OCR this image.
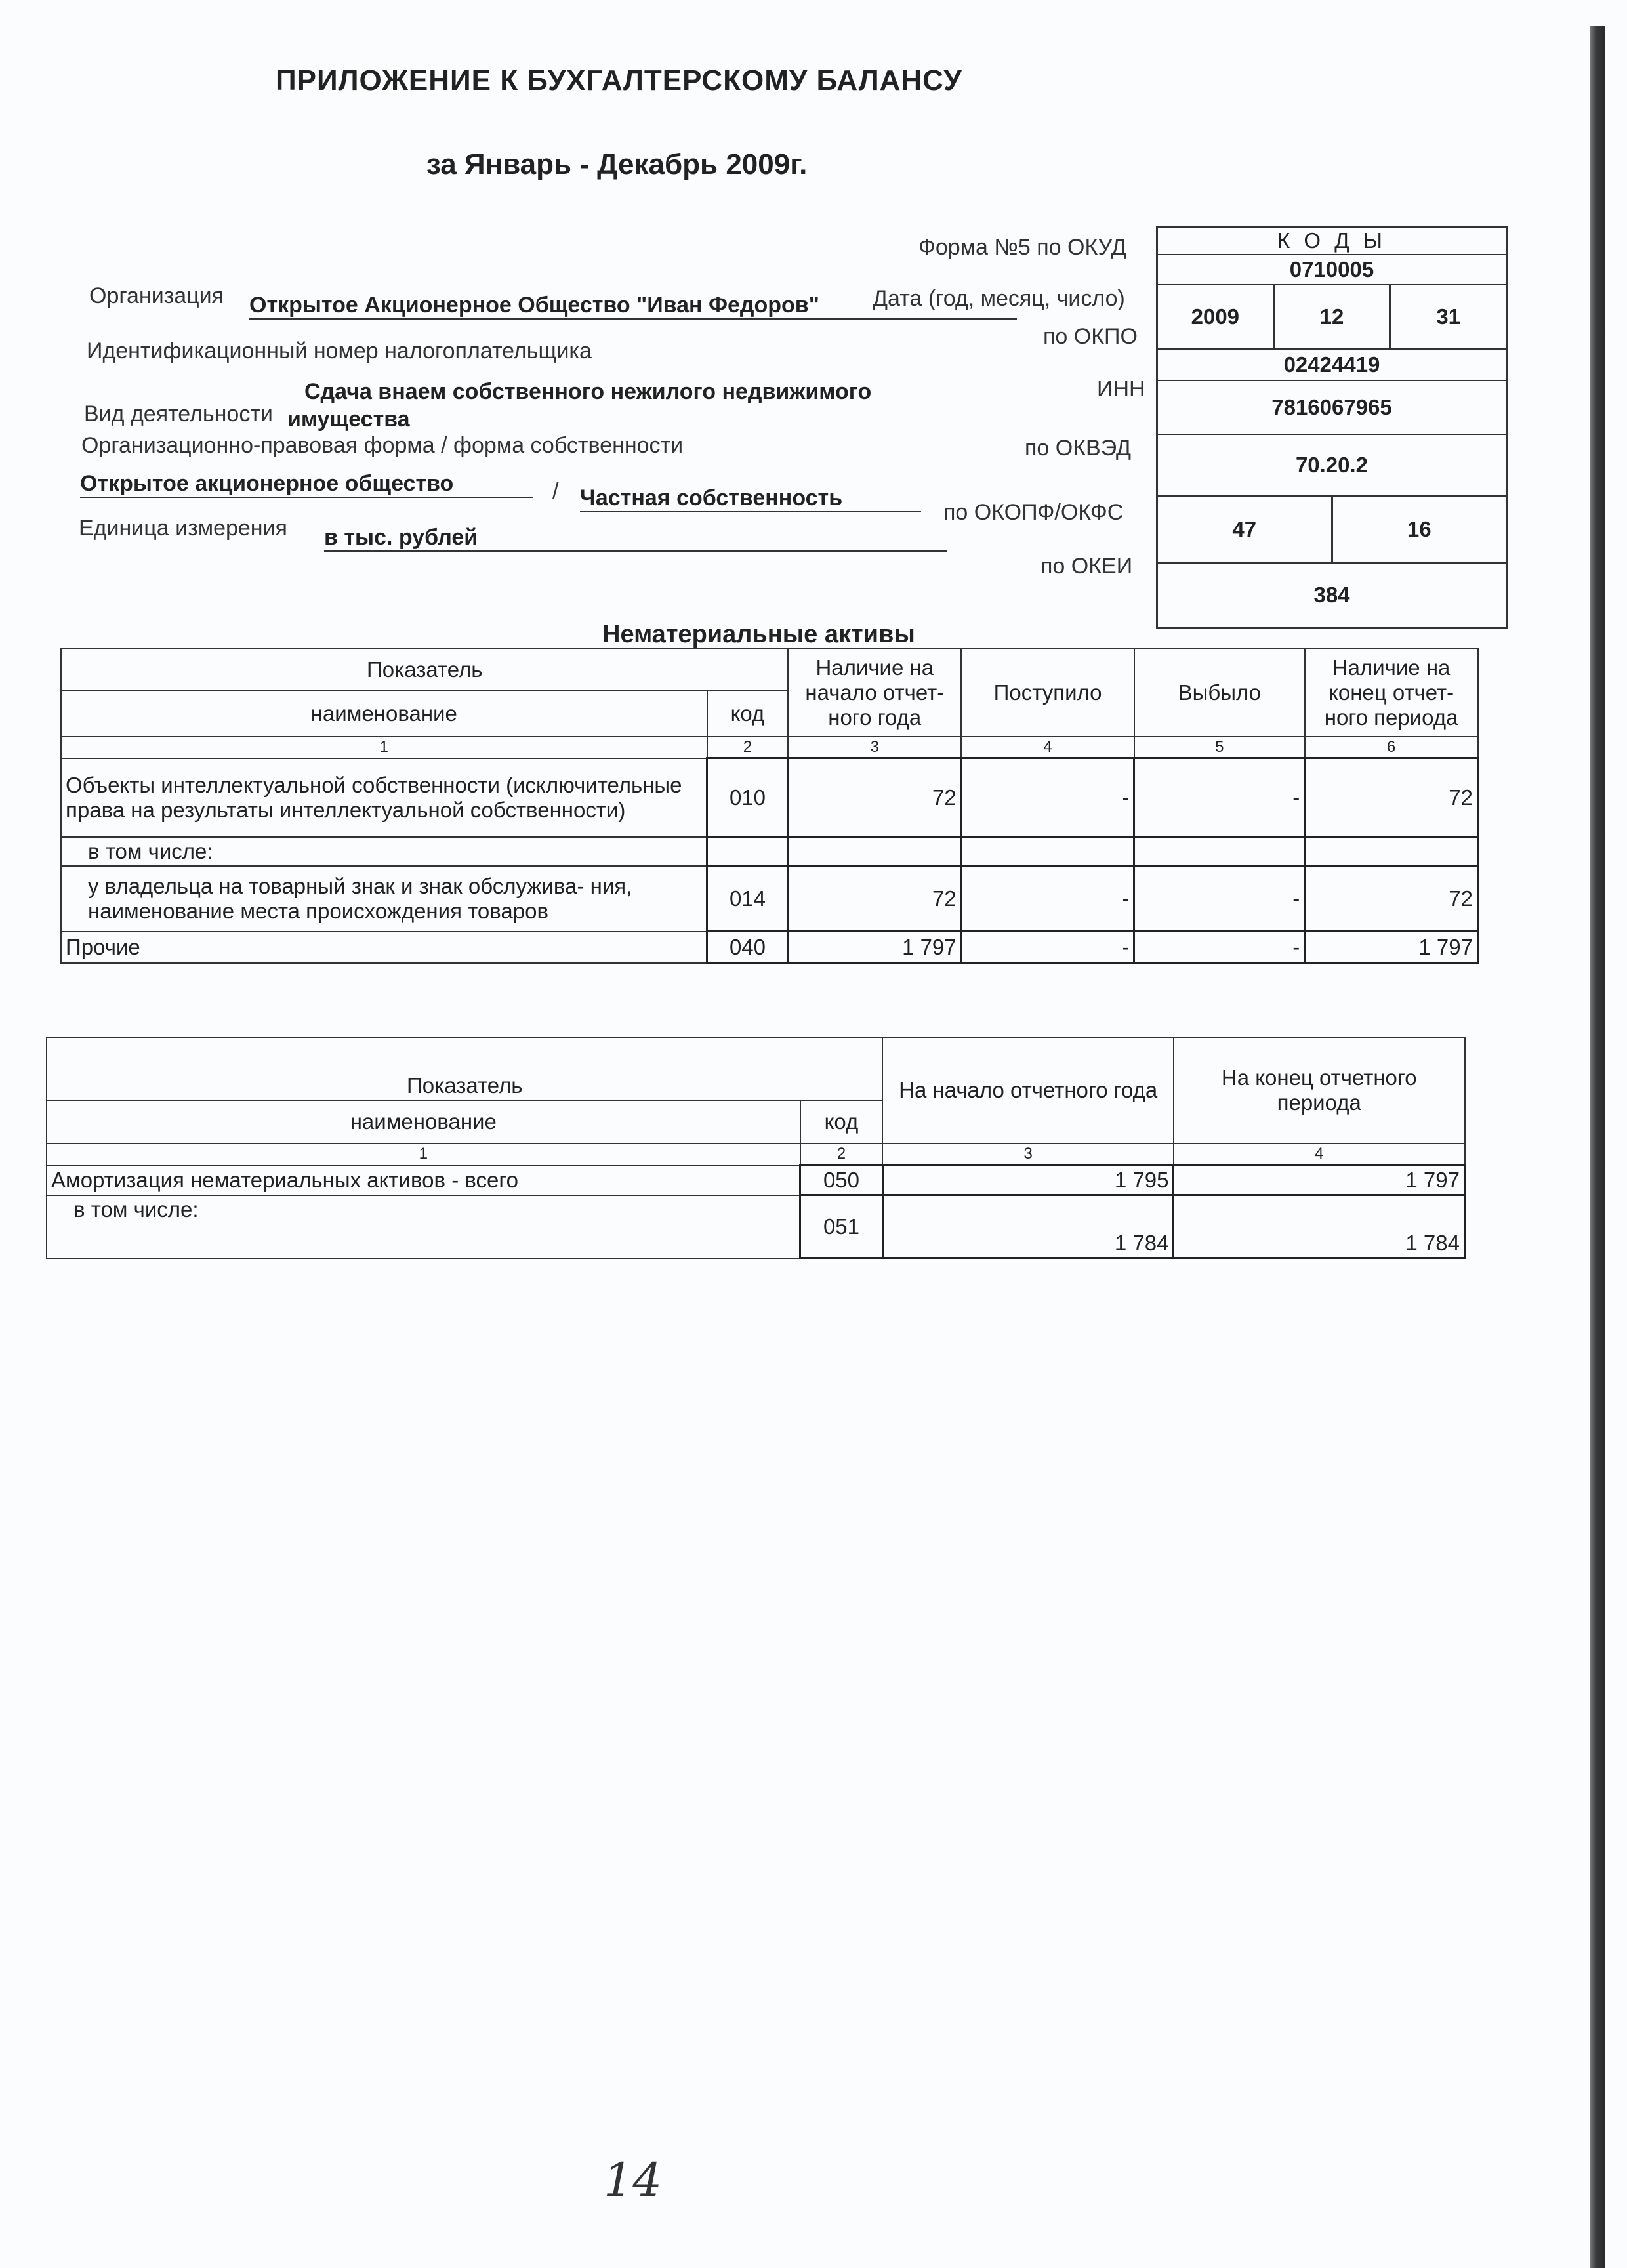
ПРИЛОЖЕНИЕ К БУХГАЛТЕРСКОМУ БАЛАНСУ
за Январь - Декабрь 2009г.
Форма №5 по ОКУД
Дата (год, месяц, число)
по ОКПО
ИНН
по ОКВЭД
по ОКОПФ/ОКФС
по ОКЕИ
К О Д Ы
0710005
2009	12	31
02424419
7816067965
70.20.2
47	16
384
Организация Открытое Акционерное Общество "Иван Федоров"
Идентификационный номер налогоплательщика
Сдача внаем собственного нежилого недвижимого
Вид деятельности имущества
Организационно-правовая форма / форма собственности
Открытое акционерное общество	/ Частная собственность
Единица измерения в тыс. рублей
Нематериальные активы
Показатель		Наличие на начало отчет- ного года	Поступило	Выбыло	Наличие на конец отчет- ного периода
наименование	код				
1	2	3	4	5	6
Объекты интеллектуальной собственности (исключительные права на результаты интеллектуальной собственности)	010	72	-	-	72
в том числе:					
у владельца на товарный знак и знак обслужива- ния, наименование места происхождения товаров	014	72	-	-	72
Прочие	040	1 797	-	-	1 797
Показатель		На начало отчетного года	На конец отчетного периода
наименование	код		
1	2	3	4
Амортизация нематериальных активов - всего	050	1 795	1 797
в том числе:	051	1 784	1 784
14
